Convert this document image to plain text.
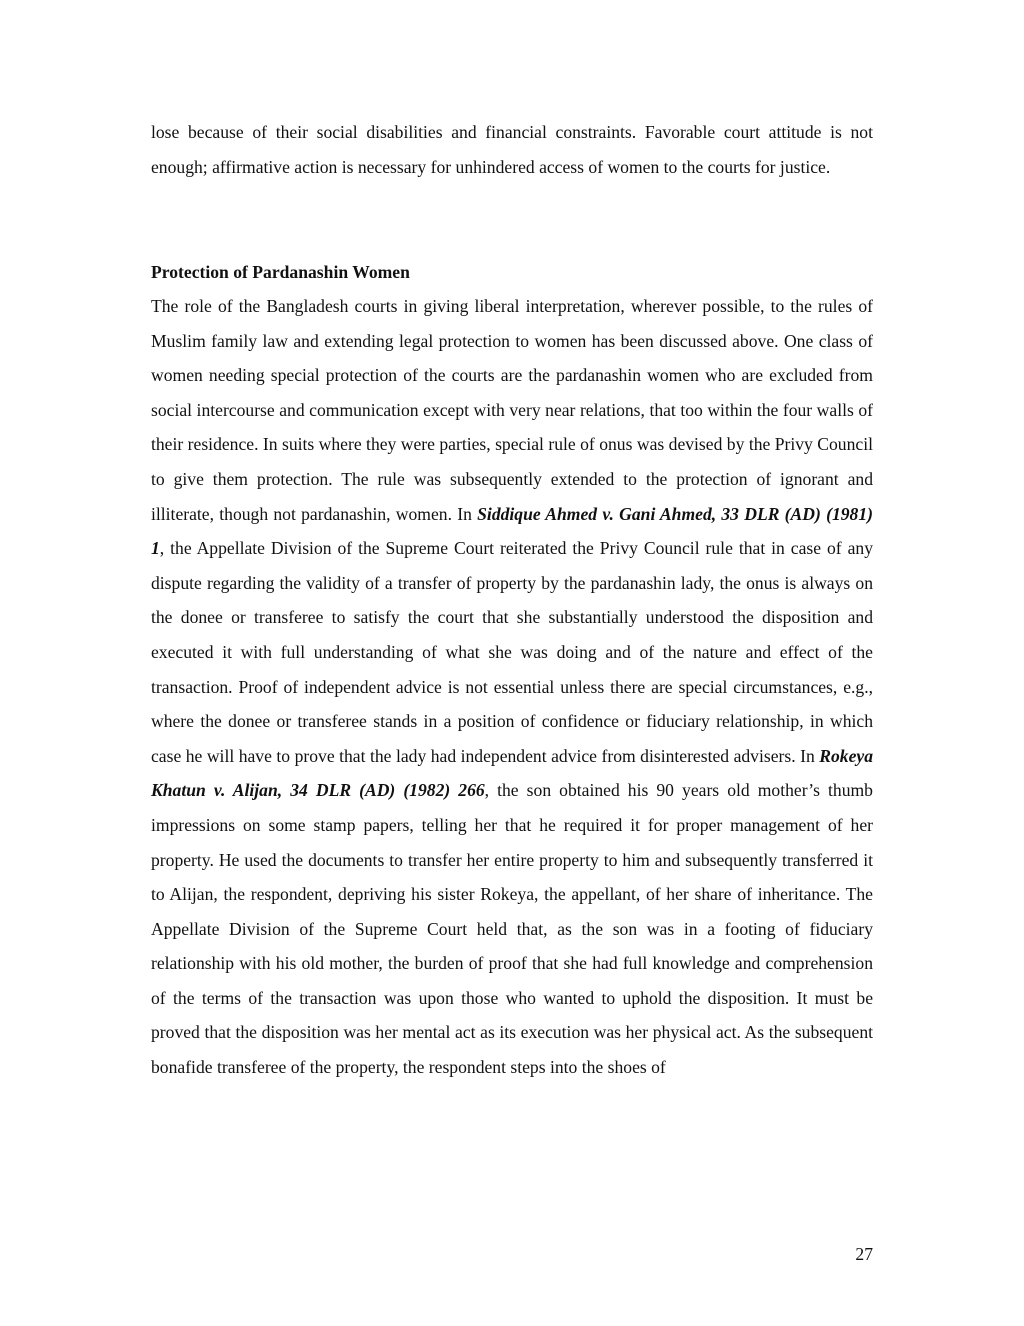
lose because of their social disabilities and financial constraints. Favorable court attitude is not enough; affirmative action is necessary for unhindered access of women to the courts for justice.
Protection of Pardanashin Women
The role of the Bangladesh courts in giving liberal interpretation, wherever possible, to the rules of Muslim family law and extending legal protection to women has been discussed above. One class of women needing special protection of the courts are the pardanashin women who are excluded from social intercourse and communication except with very near relations, that too within the four walls of their residence. In suits where they were parties, special rule of onus was devised by the Privy Council to give them protection. The rule was subsequently extended to the protection of ignorant and illiterate, though not pardanashin, women. In Siddique Ahmed v. Gani Ahmed, 33 DLR (AD) (1981) 1, the Appellate Division of the Supreme Court reiterated the Privy Council rule that in case of any dispute regarding the validity of a transfer of property by the pardanashin lady, the onus is always on the donee or transferee to satisfy the court that she substantially understood the disposition and executed it with full understanding of what she was doing and of the nature and effect of the transaction. Proof of independent advice is not essential unless there are special circumstances, e.g., where the donee or transferee stands in a position of confidence or fiduciary relationship, in which case he will have to prove that the lady had independent advice from disinterested advisers. In Rokeya Khatun v. Alijan, 34 DLR (AD) (1982) 266, the son obtained his 90 years old mother’s thumb impressions on some stamp papers, telling her that he required it for proper management of her property. He used the documents to transfer her entire property to him and subsequently transferred it to Alijan, the respondent, depriving his sister Rokeya, the appellant, of her share of inheritance. The Appellate Division of the Supreme Court held that, as the son was in a footing of fiduciary relationship with his old mother, the burden of proof that she had full knowledge and comprehension of the terms of the transaction was upon those who wanted to uphold the disposition. It must be proved that the disposition was her mental act as its execution was her physical act. As the subsequent bonafide transferee of the property, the respondent steps into the shoes of
27
